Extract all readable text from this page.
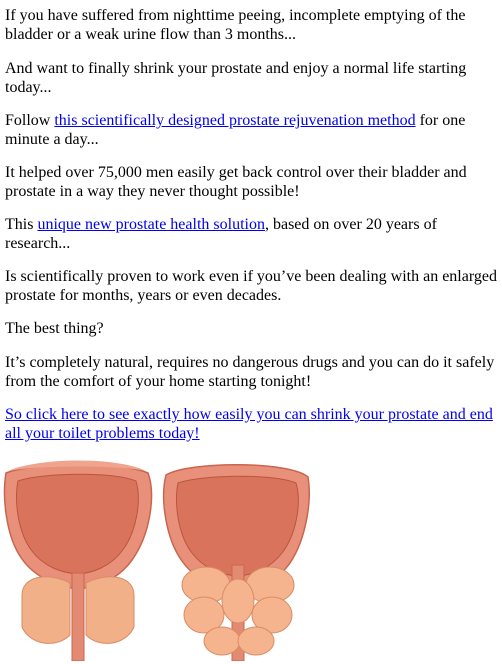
If you have suffered from nighttime peeing, incomplete emptying of the bladder or a weak urine flow than 3 months...

And want to finally shrink your prostate and enjoy a normal life starting today...

Follow this scientifically designed prostate rejuvenation method for one minute a day...

It helped over 75,000 men easily get back control over their bladder and prostate in a way they never thought possible!

This unique new prostate health solution, based on over 20 years of research...

Is scientifically proven to work even if you’ve been dealing with an enlarged prostate for months, years or even decades.

The best thing?

It’s completely natural, requires no dangerous drugs and you can do it safely from the comfort of your home starting tonight!

So click here to see exactly how easily you can shrink your prostate and end all your toilet problems today!
